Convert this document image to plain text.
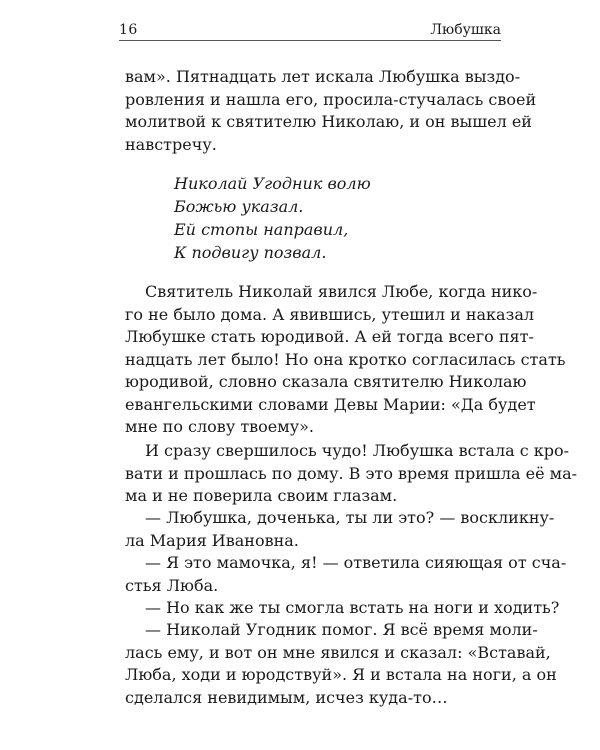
16	Любушка
вам». Пятнадцать лет искала Любушка выздо-
ровления и нашла его, просила-стучалась своей
молитвой к святителю Николаю, и он вышел ей
навстречу.
Николай Угодник волю
Божью указал.
Ей стопы направил,
К подвигу позвал.
Святитель Николай явился Любе, когда нико-
го не было дома. А явившись, утешил и наказал
Любушке стать юродивой. А ей тогда всего пят-
надцать лет было! Но она кротко согласилась стать
юродивой, словно сказала святителю Николаю
евангельскими словами Девы Марии: «Да будет
мне по слову твоему».
И сразу свершилось чудо! Любушка встала с кро-
вати и прошлась по дому. В это время пришла её ма-
ма и не поверила своим глазам.
— Любушка, доченька, ты ли это? — воскликну-
ла Мария Ивановна.
— Я это мамочка, я! — ответила сияющая от сча-
стья Люба.
— Но как же ты смогла встать на ноги и ходить?
— Николай Угодник помог. Я всё время моли-
лась ему, и вот он мне явился и сказал: «Вставай,
Люба, ходи и юродствуй». Я и встала на ноги, а он
сделался невидимым, исчез куда-то…
